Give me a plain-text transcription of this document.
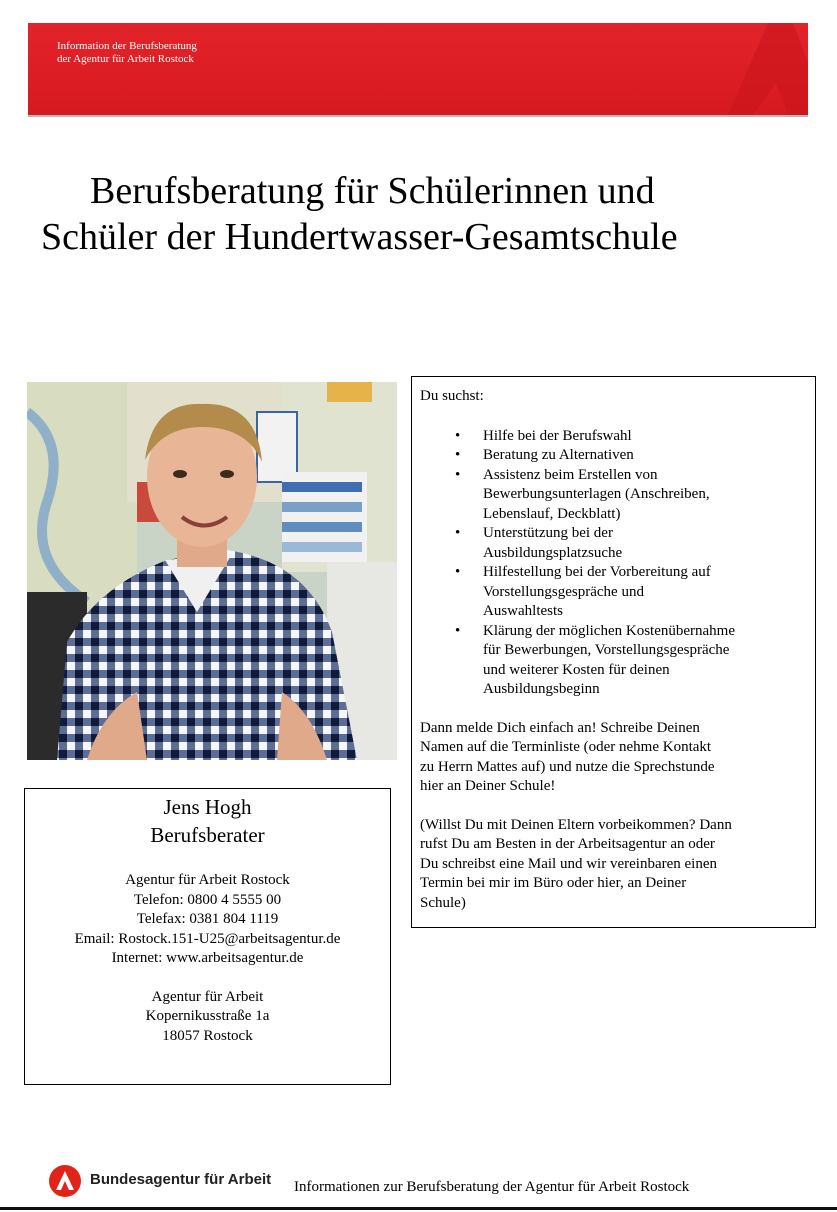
Information der Berufsberatung
der Agentur für Arbeit Rostock
Berufsberatung für Schülerinnen und
Schüler der Hundertwasser-Gesamtschule
Jens Hogh
Berufsberater
Agentur für Arbeit Rostock
Telefon: 0800 4 5555 00
Telefax: 0381 804 1119
Email: Rostock.151-U25@arbeitsagentur.de
Internet: www.arbeitsagentur.de
Agentur für Arbeit
Kopernikusstraße 1a
18057 Rostock

Du suchst:

• Hilfe bei der Berufswahl
• Beratung zu Alternativen
• Assistenz beim Erstellen von
Bewerbungsunterlagen (Anschreiben,
Lebenslauf, Deckblatt)
• Unterstützung bei der
Ausbildungsplatzsuche
• Hilfestellung bei der Vorbereitung auf
Vorstellungsgespräche und
Auswahltests
• Klärung der möglichen Kostenübernahme
für Bewerbungen, Vorstellungsgespräche
und weiterer Kosten für deinen
Ausbildungsbeginn

Dann melde Dich einfach an! Schreibe Deinen
Namen auf die Terminliste (oder nehme Kontakt
zu Herrn Mattes auf) und nutze die Sprechstunde
hier an Deiner Schule!

(Willst Du mit Deinen Eltern vorbeikommen? Dann
rufst Du am Besten in der Arbeitsagentur an oder
Du schreibst eine Mail und wir vereinbaren einen
Termin bei mir im Büro oder hier, an Deiner
Schule)

Bundesagentur für Arbeit Informationen zur Berufsberatung der Agentur für Arbeit Rostock
